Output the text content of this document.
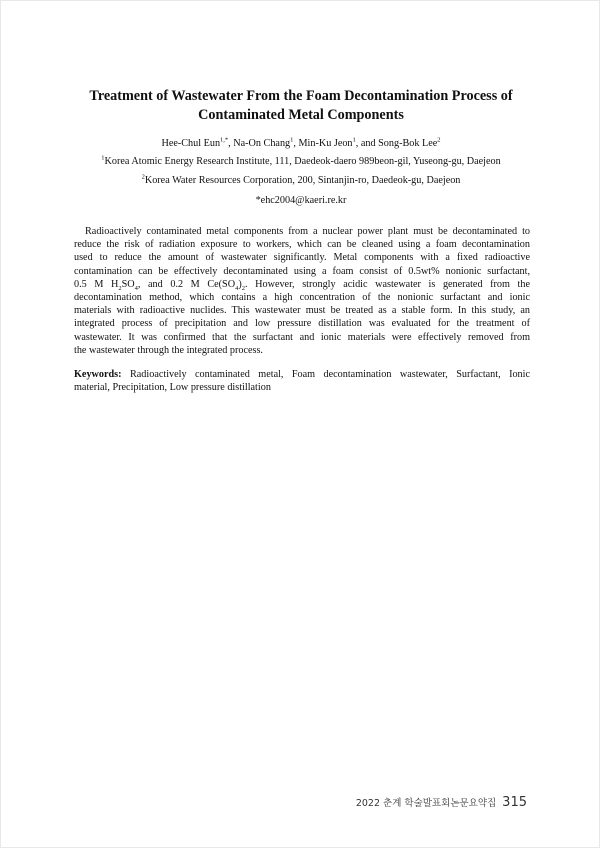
Treatment of Wastewater From the Foam Decontamination Process of
Contaminated Metal Components
Hee-Chul Eun$^{1,*}$, Na-On Chang$^1$, Min-Ku Jeon$^1$, and Song-Bok Lee$^2$
$^1$Korea Atomic Energy Research Institute, 111, Daedeok-daero 989beon-gil, Yuseong-gu, Daejeon
$^2$Korea Water Resources Corporation, 200, Sintanjin-ro, Daedeok-gu, Daejeon
*ehc2004@kaeri.re.kr
Radioactively contaminated metal components from a nuclear power plant must be decontaminated to
reduce the risk of radiation exposure to workers, which can be cleaned using a foam decontamination
used to reduce the amount of wastewater significantly. Metal components with a fixed radioactive
contamination can be effectively decontaminated using a foam consist of 0.5wt% nonionic surfactant,
0.5 M $H_2SO_4$, and 0.2 M $Ce(SO_4)_2$. However, strongly acidic wastewater is generated from the
decontamination method, which contains a high concentration of the nonionic surfactant and ionic
materials with radioactive nuclides. This wastewater must be treated as a stable form. In this study, an
integrated process of precipitation and low pressure distillation was evaluated for the treatment of
wastewater. It was confirmed that the surfactant and ionic materials were effectively removed from
the wastewater through the integrated process.
Keywords: Radioactively contaminated metal, Foam decontamination wastewater, Surfactant, Ionic
material, Precipitation, Low pressure distillation
2022 춘계 학술발표회논문요약집 315
